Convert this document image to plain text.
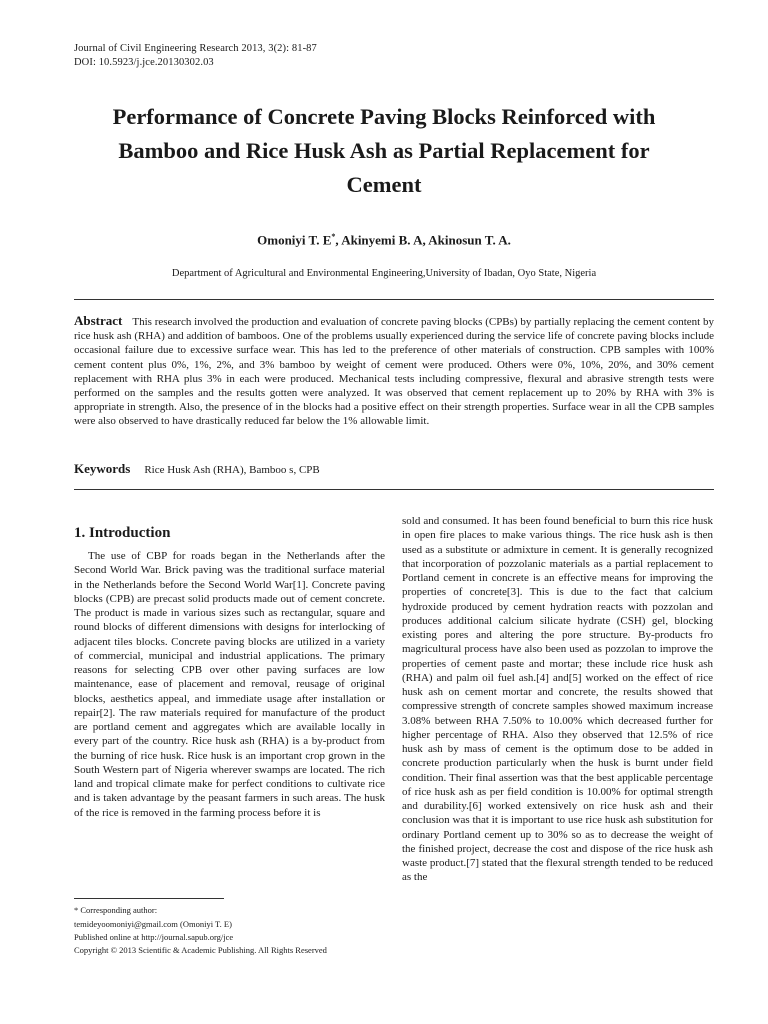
Journal of Civil Engineering Research 2013, 3(2): 81-87
DOI: 10.5923/j.jce.20130302.03
Performance of Concrete Paving Blocks Reinforced with
Bamboo and Rice Husk Ash as Partial Replacement for
Cement
Omoniyi T. E*, Akinyemi B. A, Akinosun T. A.
Department of Agricultural and Environmental Engineering,University of Ibadan, Oyo State, Nigeria
Abstract This research involved the production and evaluation of concrete paving blocks (CPBs) by partially replacing the cement content by rice husk ash (RHA) and addition of bamboos. One of the problems usually experienced during the service life of concrete paving blocks include occasional failure due to excessive surface wear. This has led to the preference of other materials of construction. CPB samples with 100% cement content plus 0%, 1%, 2%, and 3% bamboo by weight of cement were produced. Others were 0%, 10%, 20%, and 30% cement replacement with RHA plus 3% in each were produced. Mechanical tests including compressive, flexural and abrasive strength tests were performed on the samples and the results gotten were analyzed. It was observed that cement replacement up to 20% by RHA with 3% is appropriate in strength. Also, the presence of in the blocks had a positive effect on their strength properties. Surface wear in all the CPB samples were also observed to have drastically reduced far below the 1% allowable limit.
Keywords Rice Husk Ash (RHA), Bamboo s, CPB
1. Introduction
The use of CBP for roads began in the Netherlands after the Second World War. Brick paving was the traditional surface material in the Netherlands before the Second World War[1]. Concrete paving blocks (CPB) are precast solid products made out of cement concrete. The product is made in various sizes such as rectangular, square and round blocks of different dimensions with designs for interlocking of adjacent tiles blocks. Concrete paving blocks are utilized in a variety of commercial, municipal and industrial applications. The primary reasons for selecting CPB over other paving surfaces are low maintenance, ease of placement and removal, reusage of original blocks, aesthetics appeal, and immediate usage after installation or repair[2]. The raw materials required for manufacture of the product are portland cement and aggregates which are available locally in every part of the country. Rice husk ash (RHA) is a by-product from the burning of rice husk. Rice husk is an important crop grown in the South Western part of Nigeria wherever swamps are located. The rich land and tropical climate make for perfect conditions to cultivate rice and is taken advantage by the peasant farmers in such areas. The husk of the rice is removed in the farming process before it is
sold and consumed. It has been found beneficial to burn this rice husk in open fire places to make various things. The rice husk ash is then used as a substitute or admixture in cement. It is generally recognized that incorporation of pozzolanic materials as a partial replacement to Portland cement in concrete is an effective means for improving the properties of concrete[3]. This is due to the fact that calcium hydroxide produced by cement hydration reacts with pozzolan and produces additional calcium silicate hydrate (CSH) gel, blocking existing pores and altering the pore structure. By-products fro magricultural process have also been used as pozzolan to improve the properties of cement paste and mortar; these include rice husk ash (RHA) and palm oil fuel ash.[4] and[5] worked on the effect of rice husk ash on cement mortar and concrete, the results showed that compressive strength of concrete samples showed maximum increase 3.08% between RHA 7.50% to 10.00% which decreased further for higher percentage of RHA. Also they observed that 12.5% of rice husk ash by mass of cement is the optimum dose to be added in concrete production particularly when the husk is burnt under field condition. Their final assertion was that the best applicable percentage of rice husk ash as per field condition is 10.00% for optimal strength and durability.[6] worked extensively on rice husk ash and their conclusion was that it is important to use rice husk ash substitution for ordinary Portland cement up to 30% so as to decrease the weight of the finished project, decrease the cost and dispose of the rice husk ash waste product.[7] stated that the flexural strength tended to be reduced as the
* Corresponding author:
temideyoomoniyi@gmail.com (Omoniyi T. E)
Published online at http://journal.sapub.org/jce
Copyright © 2013 Scientific & Academic Publishing. All Rights Reserved
